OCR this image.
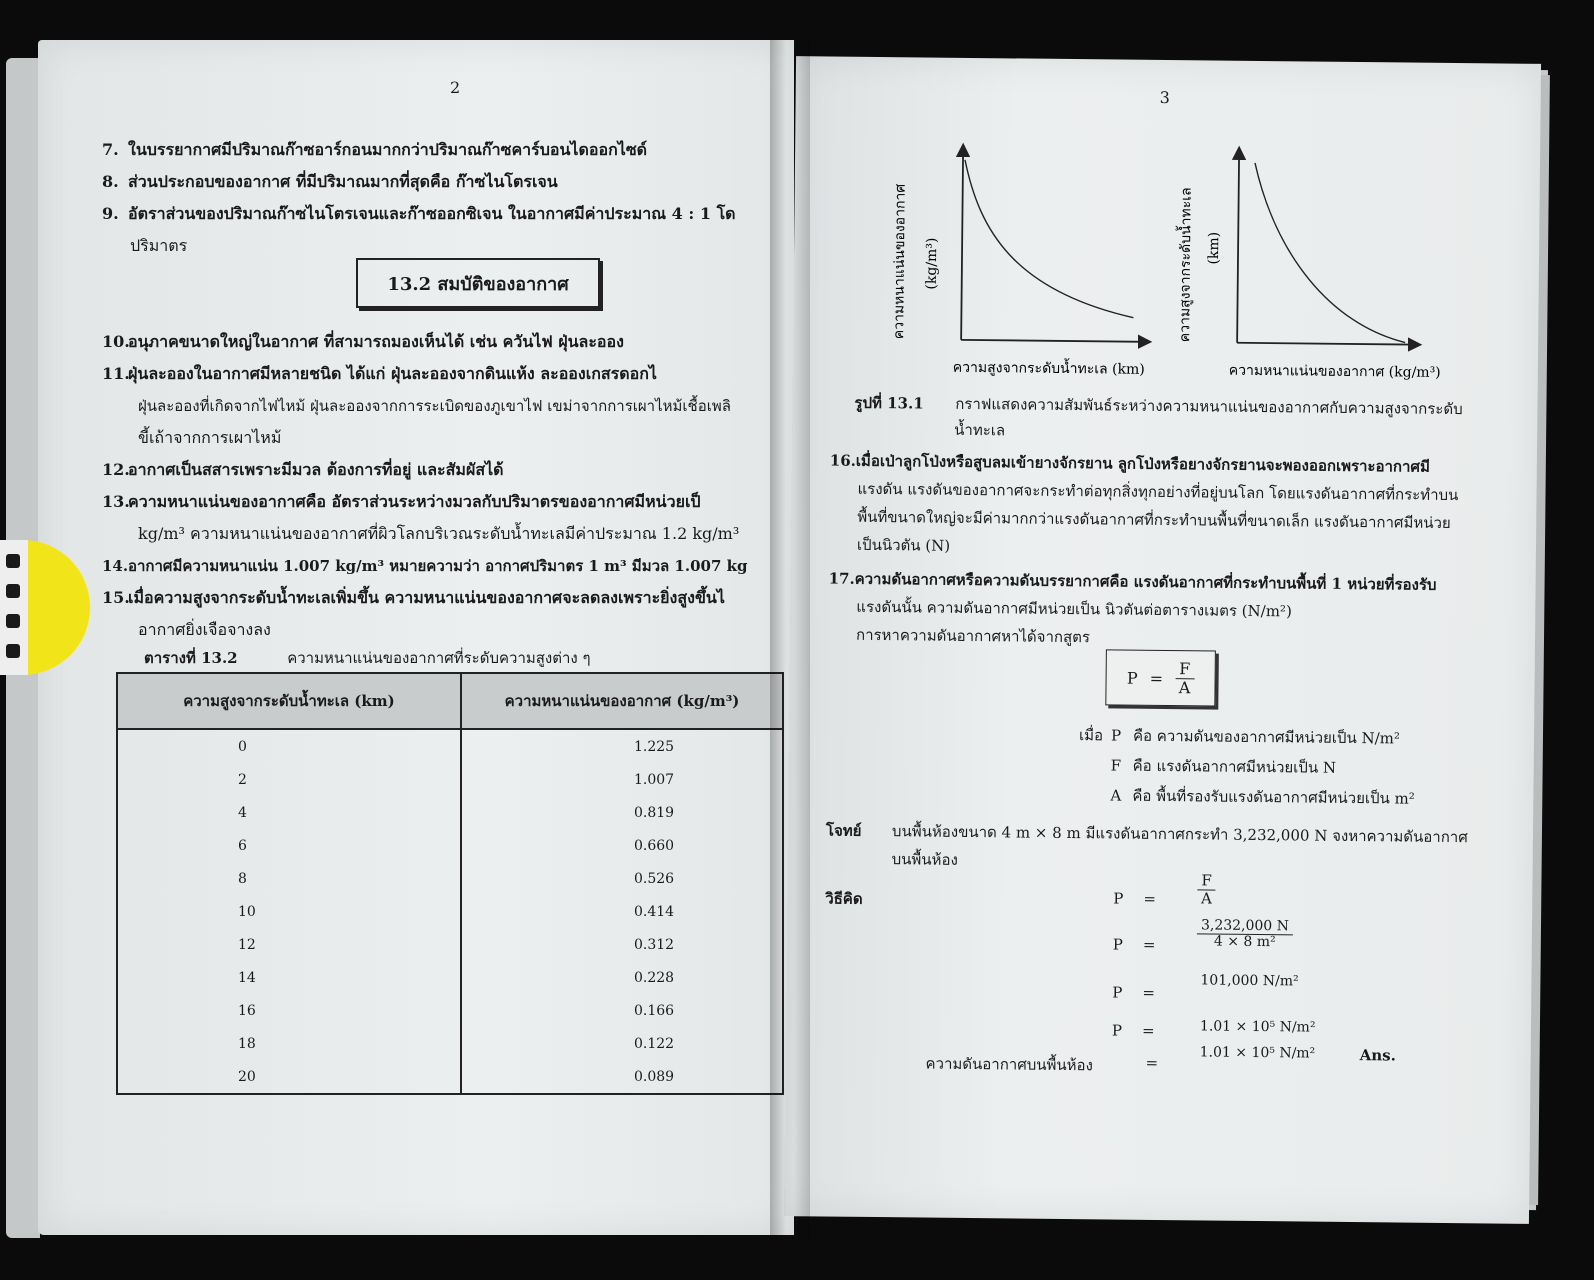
2
7. ในบรรยากาศมีปริมาณก๊าซอาร์กอนมากกว่าปริมาณก๊าซคาร์บอนไดออกไซด์
8. ส่วนประกอบของอากาศ ที่มีปริมาณมากที่สุดคือ ก๊าซไนโตรเจน
9. อัตราส่วนของปริมาณก๊าซไนโตรเจนและก๊าซออกซิเจน ในอากาศมีค่าประมาณ 4 : 1 โด
ปริมาตร
13.2 สมบัติของอากาศ
10.อนุภาคขนาดใหญ่ในอากาศ ที่สามารถมองเห็นได้ เช่น ควันไฟ ฝุ่นละออง
11.ฝุ่นละอองในอากาศมีหลายชนิด ได้แก่ ฝุ่นละอองจากดินแห้ง ละอองเกสรดอกไ
ฝุ่นละอองที่เกิดจากไฟไหม้ ฝุ่นละอองจากการระเบิดของภูเขาไฟ เขม่าจากการเผาไหม้เชื้อเพลิ
ขี้เถ้าจากการเผาไหม้
12.อากาศเป็นสสารเพราะมีมวล ต้องการที่อยู่ และสัมผัสได้
13.ความหนาแน่นของอากาศคือ อัตราส่วนระหว่างมวลกับปริมาตรของอากาศมีหน่วยเป็
kg/m³ ความหนาแน่นของอากาศที่ผิวโลกบริเวณระดับน้ำทะเลมีค่าประมาณ 1.2 kg/m³
14.อากาศมีความหนาแน่น 1.007 kg/m³ หมายความว่า อากาศปริมาตร 1 m³ มีมวล 1.007 kg
15.เมื่อความสูงจากระดับน้ำทะเลเพิ่มขึ้น ความหนาแน่นของอากาศจะลดลงเพราะยิ่งสูงขึ้นไ
อากาศยิ่งเจือจางลง
ตารางที่ 13.2	ความหนาแน่นของอากาศที่ระดับความสูงต่าง ๆ
ความสูงจากระดับน้ำทะเล (km)	ความหนาแน่นของอากาศ (kg/m³)
0	1.225
2	1.007
4	0.819
6	0.660
8	0.526
10	0.414
12	0.312
14	0.228
16	0.166
18	0.122
20	0.089
3
ความหนาแน่นของอากาศ (kg/m³)
ความสูงจากระดับน้ำทะเล (km)
ความสูงจากระดับน้ำทะเล (km)
ความหนาแน่นของอากาศ (kg/m³)
รูปที่ 13.1 กราฟแสดงความสัมพันธ์ระหว่างความหนาแน่นของอากาศกับความสูงจากระดับ
น้ำทะเล
16.เมื่อเป่าลูกโป่งหรือสูบลมเข้ายางจักรยาน ลูกโป่งหรือยางจักรยานจะพองออกเพราะอากาศมี
แรงดัน แรงดันของอากาศจะกระทำต่อทุกสิ่งทุกอย่างที่อยู่บนโลก โดยแรงดันอากาศที่กระทำบน
พื้นที่ขนาดใหญ่จะมีค่ามากกว่าแรงดันอากาศที่กระทำบนพื้นที่ขนาดเล็ก แรงดันอากาศมีหน่วย
เป็นนิวตัน (N)
17.ความดันอากาศหรือความดันบรรยากาศคือ แรงดันอากาศที่กระทำบนพื้นที่ 1 หน่วยที่รองรับ
แรงดันนั้น ความดันอากาศมีหน่วยเป็น นิวตันต่อตารางเมตร (N/m²)
การหาความดันอากาศหาได้จากสูตร
$P = \frac{F}{A}$
เมื่อ P คือ ความดันของอากาศมีหน่วยเป็น N/m²
F คือ แรงดันอากาศมีหน่วยเป็น N
A คือ พื้นที่รองรับแรงดันอากาศมีหน่วยเป็น m²
โจทย์ บนพื้นห้องขนาด 4 m × 8 m มีแรงดันอากาศกระทำ 3,232,000 N จงหาความดันอากาศ
บนพื้นห้อง
วิธีคิด	P =	$\frac{F}{A}$
P =	$\frac{3,232,000 N}{\text{4 × 8 m²}}$
P =
101,000 N/m²
P =	1.01 × 10⁵ N/m²
ความดันอากาศบนพื้นห้อง	=
1.01 × 10⁵ N/m²	Ans.
